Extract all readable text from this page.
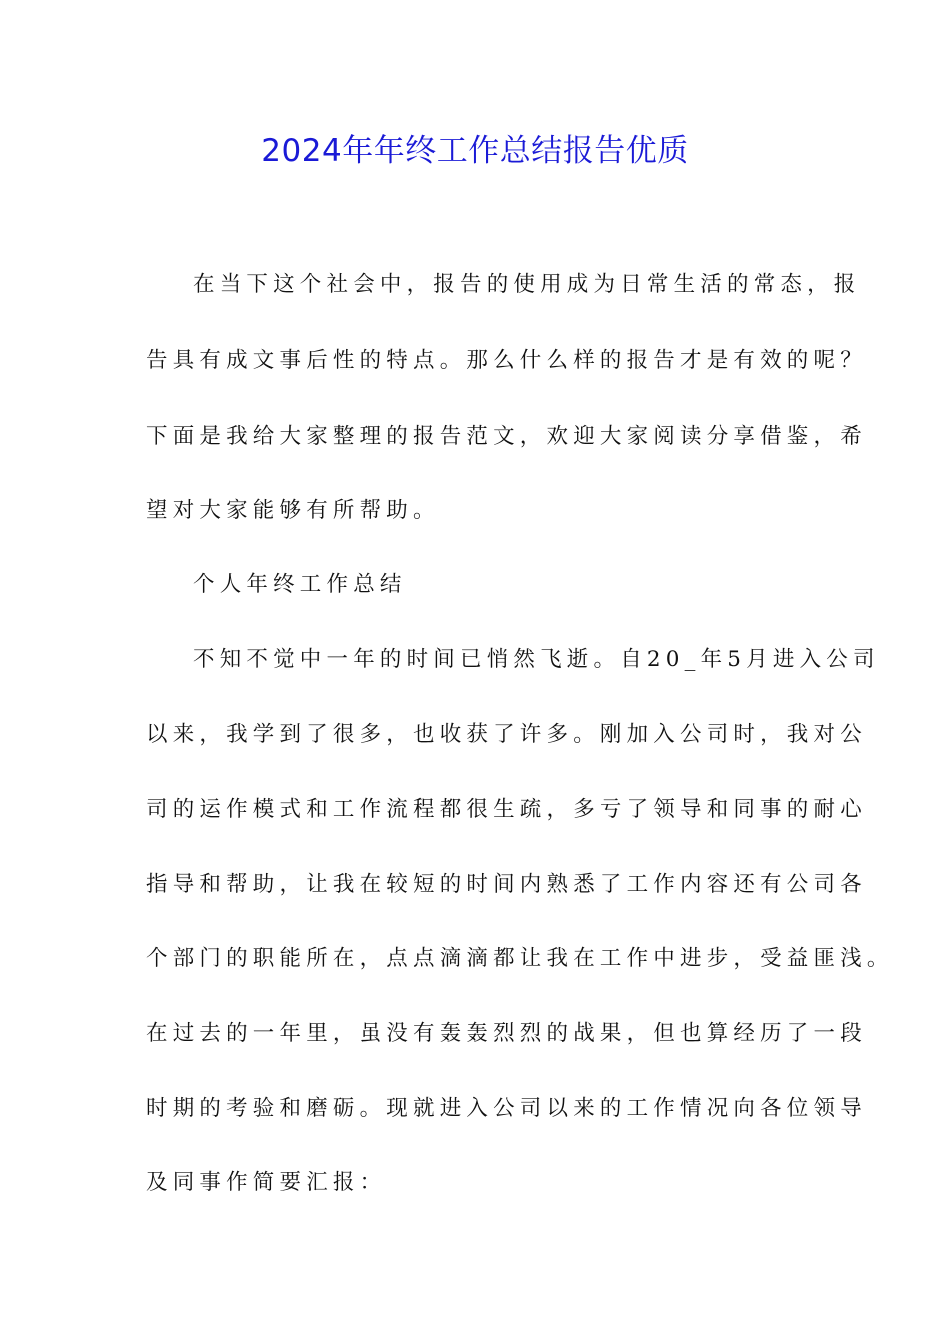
2024年年终工作总结报告优质
在当下这个社会中，报告的使用成为日常生活的常态，报
告具有成文事后性的特点。那么什么样的报告才是有效的呢？
下面是我给大家整理的报告范文，欢迎大家阅读分享借鉴，希
望对大家能够有所帮助。
个人年终工作总结
不知不觉中一年的时间已悄然飞逝。自20_年5月进入公司
以来，我学到了很多，也收获了许多。刚加入公司时，我对公
司的运作模式和工作流程都很生疏，多亏了领导和同事的耐心
指导和帮助，让我在较短的时间内熟悉了工作内容还有公司各
个部门的职能所在，点点滴滴都让我在工作中进步，受益匪浅。
在过去的一年里，虽没有轰轰烈烈的战果，但也算经历了一段
时期的考验和磨砺。现就进入公司以来的工作情况向各位领导
及同事作简要汇报：
